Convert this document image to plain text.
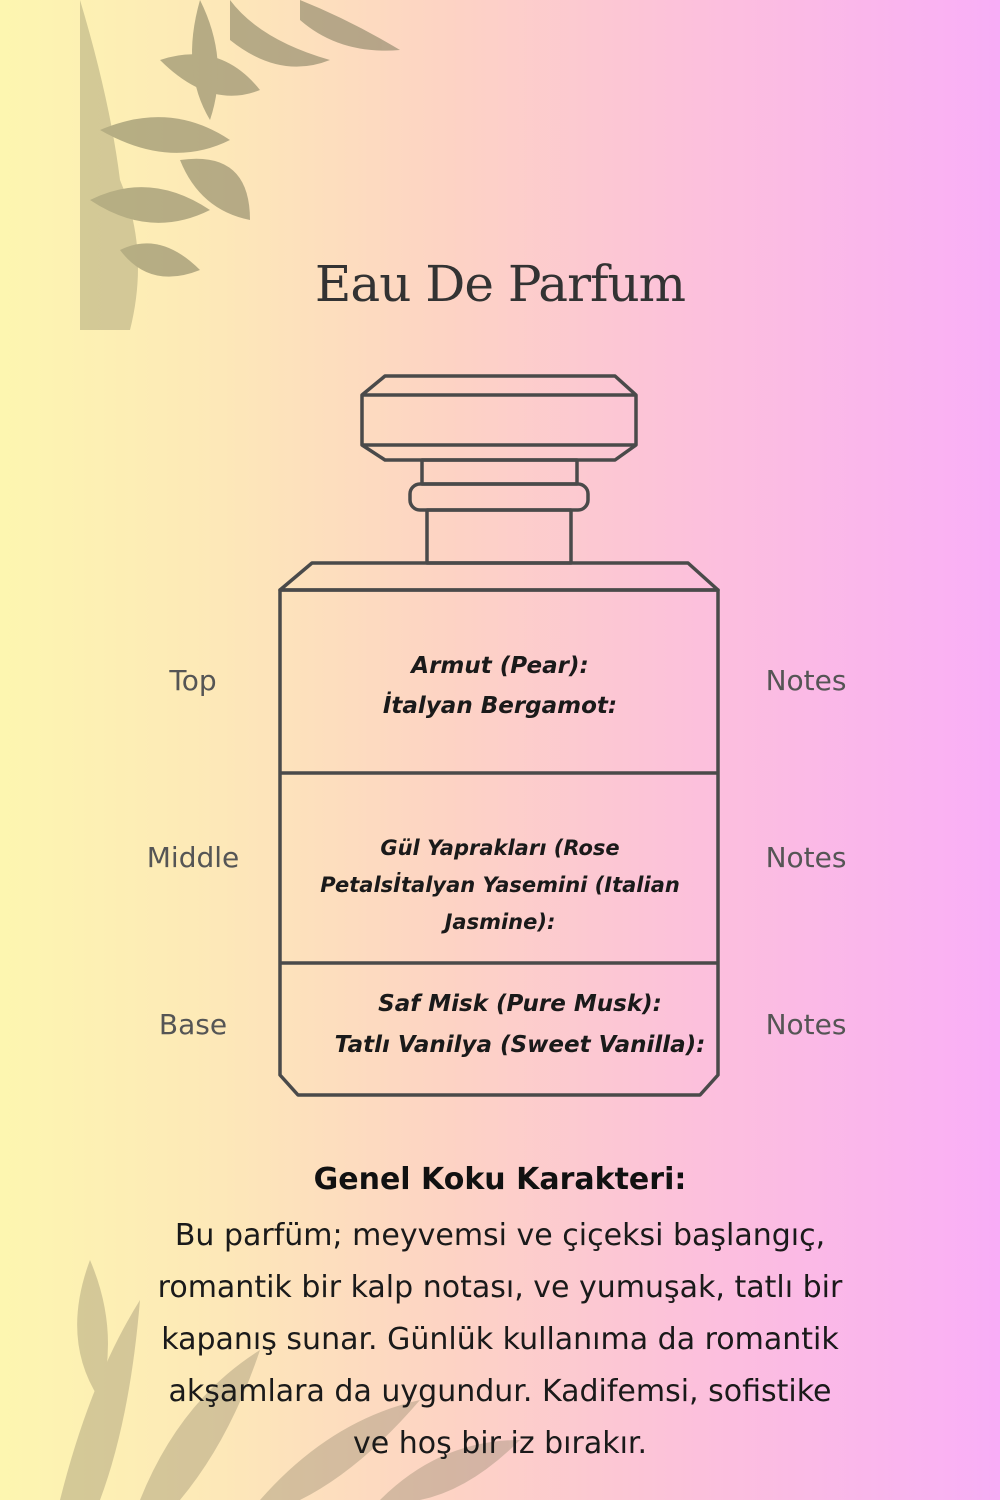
Eau De Parfum
Top	Notes
Armut (Pear):
İtalyan Bergamot:
Middle	Notes
Gül Yaprakları (Rose
Petalsİtalyan Yasemini (Italian
Jasmine):
Base	Notes
Saf Misk (Pure Musk):
Tatlı Vanilya (Sweet Vanilla):
Genel Koku Karakteri:
Bu parfüm; meyvemsi ve çiçeksi başlangıç, romantik bir kalp notası, ve yumuşak, tatlı bir kapanış sunar. Günlük kullanıma da romantik akşamlara da uygundur. Kadifemsi, sofistike ve hoş bir iz bırakır.
